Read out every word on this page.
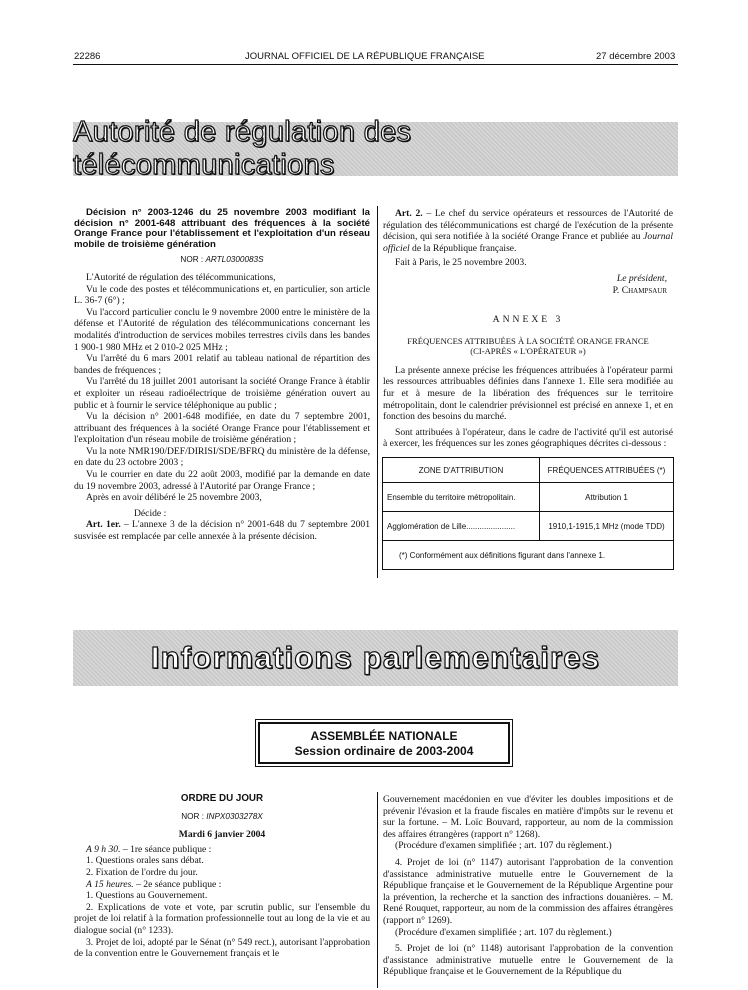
22286	JOURNAL OFFICIEL DE LA RÉPUBLIQUE FRANÇAISE	27 décembre 2003
Autorité de régulation des télécommunications

Décision n° 2003-1246 du 25 novembre 2003 modifiant la décision n° 2001-648 attribuant des fréquences à la société Orange France pour l'établissement et l'exploitation d'un réseau mobile de troisième génération

NOR : ARTL0300083S

L'Autorité de régulation des télécommunications,

Vu le code des postes et télécommunications et, en particulier, son article L. 36-7 (6°) ;

Vu l'accord particulier conclu le 9 novembre 2000 entre le ministère de la défense et l'Autorité de régulation des télécommunications concernant les modalités d'introduction de services mobiles terrestres civils dans les bandes 1 900-1 980 MHz et 2 010-2 025 MHz ;

Vu l'arrêté du 6 mars 2001 relatif au tableau national de répartition des bandes de fréquences ;

Vu l'arrêté du 18 juillet 2001 autorisant la société Orange France à établir et exploiter un réseau radioélectrique de troisième génération ouvert au public et à fournir le service téléphonique au public ;

Vu la décision n° 2001-648 modifiée, en date du 7 septembre 2001, attribuant des fréquences à la société Orange France pour l'établissement et l'exploitation d'un réseau mobile de troisième génération ;

Vu la note NMR190/DEF/DIRISI/SDE/BFRQ du ministère de la défense, en date du 23 octobre 2003 ;

Vu le courrier en date du 22 août 2003, modifié par la demande en date du 19 novembre 2003, adressé à l'Autorité par Orange France ;

Après en avoir délibéré le 25 novembre 2003,

Décide :

Art. 1er. – L'annexe 3 de la décision n° 2001-648 du 7 septembre 2001 susvisée est remplacée par celle annexée à la présente décision.

Art. 2. – Le chef du service opérateurs et ressources de l'Autorité de régulation des télécommunications est chargé de l'exécution de la présente décision, qui sera notifiée à la société Orange France et publiée au Journal officiel de la République française.

Fait à Paris, le 25 novembre 2003.

Le président,
P. Champsaur
ANNEXE 3
FRÉQUENCES ATTRIBUÉES À LA SOCIÉTÉ ORANGE FRANCE
(CI-APRÈS « L'OPÉRATEUR »)

La présente annexe précise les fréquences attribuées à l'opérateur parmi les ressources attribuables définies dans l'annexe 1. Elle sera modifiée au fur et à mesure de la libération des fréquences sur le territoire métropolitain, dont le calendrier prévisionnel est précisé en annexe 1, et en fonction des besoins du marché.

Sont attribuées à l'opérateur, dans le cadre de l'activité qu'il est autorisé à exercer, les fréquences sur les zones géographiques décrites ci-dessous :

ZONE D'ATTRIBUTION	FRÉQUENCES ATTRIBUÉES (*)
Ensemble du territoire métropolitain.	Attribution 1
Agglomération de Lille......................	1910,1-1915,1 MHz (mode TDD)
(*) Conformément aux définitions figurant dans l'annexe 1.	
Informations parlementaires
ASSEMBLÉE NATIONALE
Session ordinaire de 2003-2004
ORDRE DU JOUR
NOR : INPX0303278X
Mardi 6 janvier 2004

A 9 h 30. – 1re séance publique :

1. Questions orales sans débat.

2. Fixation de l'ordre du jour.

A 15 heures. – 2e séance publique :

1. Questions au Gouvernement.

2. Explications de vote et vote, par scrutin public, sur l'ensemble du projet de loi relatif à la formation professionnelle tout au long de la vie et au dialogue social (n° 1233).

3. Projet de loi, adopté par le Sénat (n° 549 rect.), autorisant l'approbation de la convention entre le Gouvernement français et le

Gouvernement macédonien en vue d'éviter les doubles impositions et de prévenir l'évasion et la fraude fiscales en matière d'impôts sur le revenu et sur la fortune. – M. Loïc Bouvard, rapporteur, au nom de la commission des affaires étrangères (rapport n° 1268).

(Procédure d'examen simplifiée ; art. 107 du règlement.)

4. Projet de loi (n° 1147) autorisant l'approbation de la convention d'assistance administrative mutuelle entre le Gouvernement de la République française et le Gouvernement de la République Argentine pour la prévention, la recherche et la sanction des infractions douanières. – M. René Rouquet, rapporteur, au nom de la commission des affaires étrangères (rapport n° 1269).

(Procédure d'examen simplifiée ; art. 107 du règlement.)

5. Projet de loi (n° 1148) autorisant l'approbation de la convention d'assistance administrative mutuelle entre le Gouvernement de la République française et le Gouvernement de la République du
